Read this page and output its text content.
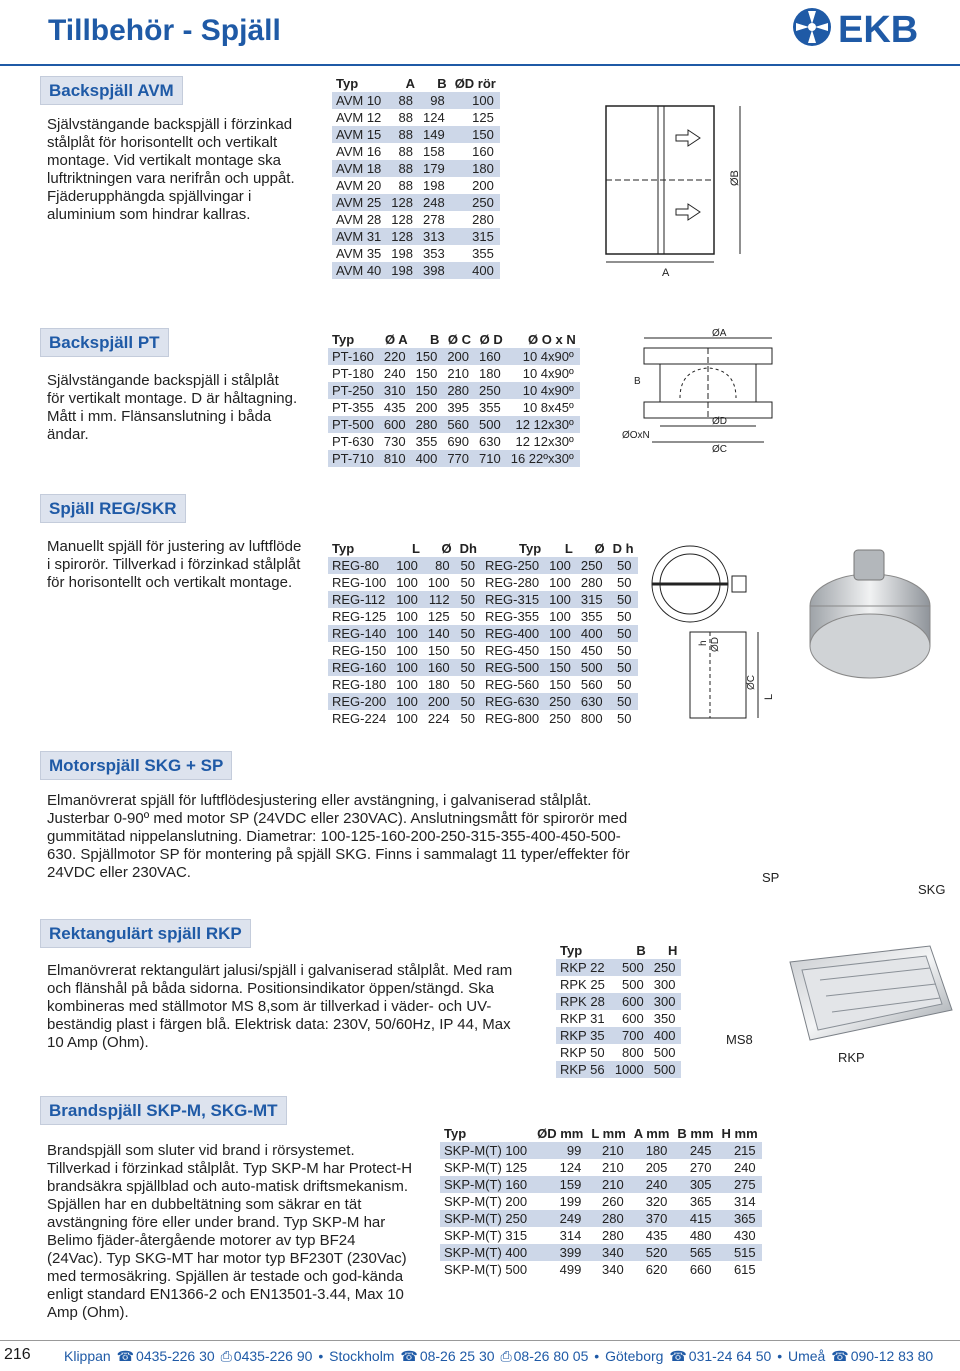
Tillbehör - Spjäll	EKB
Backspjäll AVM
Självstängande backspjäll i förzinkad stålplåt för horisontellt och vertikalt montage. Vid vertikalt montage ska luftriktningen vara nerifrån och uppåt. Fjäderupphängda spjällvingar i aluminium som hindrar kallras.
Typ	A	B	ØD rör
AVM 10	88	98	100
AVM 12	88	124	125
AVM 15	88	149	150
AVM 16	88	158	160
AVM 18	88	179	180
AVM 20	88	198	200
AVM 25	128	248	250
AVM 28	128	278	280
AVM 31	128	313	315
AVM 35	198	353	355
AVM 40	198	398	400
ØB
A
Backspjäll PT
Självstängande backspjäll i stålplåt för vertikalt montage. D är håltagning. Mått i mm. Flänsanslutning i båda ändar.
Typ	Ø A	B	Ø C	Ø D	Ø O x N
PT-160	220	150	200	160	10 4x90º
PT-180	240	150	210	180	10 4x90º
PT-250	310	150	280	250	10 4x90º
PT-355	435	200	395	355	10 8x45º
PT-500	600	280	560	500	12 12x30º
PT-630	730	355	690	630	12 12x30º
PT-710	810	400	770	710	16 22ºx30º
ØA
B
ØOxN
ØD
ØC
Spjäll REG/SKR
Manuellt spjäll för justering av luftflöde i spirorör. Tillverkad i förzinkad stålplåt för horisontellt och vertikalt montage.
Typ	L	Ø	Dh	Typ	L	Ø	D h
REG-80	100	80	50	REG-250	100	250	50
REG-100	100	100	50	REG-280	100	280	50
REG-112	100	112	50	REG-315	100	315	50
REG-125	100	125	50	REG-355	100	355	50
REG-140	100	140	50	REG-400	100	400	50
REG-150	100	150	50	REG-450	150	450	50
REG-160	100	160	50	REG-500	150	500	50
REG-180	100	180	50	REG-560	150	560	50
REG-200	100	200	50	REG-630	250	630	50
REG-224	100	224	50	REG-800	250	800	50
h ØD
ØC
L
Motorspjäll SKG + SP
Elmanövrerat spjäll för luftflödesjustering eller avstängning, i galvaniserad stålplåt. Justerbar 0-90º med motor SP (24VDC eller 230VAC). Anslutningsmått för spirorör med gummitätad nippelanslutning. Diametrar: 100-125-160-200-250-315-355-400-450-500-630. Spjällmotor SP för montering på spjäll SKG. Finns i sammalagt 11 typer/effekter för 24VDC eller 230VAC.	SP
SKG
Rektangulärt spjäll RKP
Elmanövrerat rektangulärt jalusi/spjäll i galvaniserad stålplåt. Med ram och flänshål på båda sidorna. Positionsindikator öppen/stängd. Ska kombineras med ställmotor MS 8,som är tillverkad i väder- och UV-beständig plast i färgen blå. Elektrisk data: 230V, 50/60Hz, IP 44, Max 10 Amp (Ohm).
Typ	B	H
RKP 22	500	250
RPK 25	500	300
RPK 28	600	300
RKP 31	600	350
RKP 35	700	400
RKP 50	800	500
RKP 56	1000	500
MS8
RKP
Brandspjäll SKP-M, SKG-MT
Brandspjäll som sluter vid brand i rörsystemet. Tillverkad i förzinkad stålplåt. Typ SKP-M har Protect-H brandsäkra spjällblad och auto-matisk driftsmekanism. Spjällen har en dubbeltätning som säkrar en tät avstängning före eller under brand. Typ SKP-M har Belimo fjäder-återgående motorer av typ BF24 (24Vac). Typ SKG-MT har motor typ BF230T (230Vac) med termosäkring. Spjällen är testade och god-kända enligt standard EN1366-2 och EN13501-3.44, Max 10 Amp (Ohm).
Typ	ØD mm	L mm	A mm	B mm	H mm
SKP-M(T) 100	99	210	180	245	215
SKP-M(T) 125	124	210	205	270	240
SKP-M(T) 160	159	210	240	305	275
SKP-M(T) 200	199	260	320	365	314
SKP-M(T) 250	249	280	370	415	365
SKP-M(T) 315	314	280	435	480	430
SKP-M(T) 400	399	340	520	565	515
SKP-M(T) 500	499	340	620	660	615
216 Klippan ☎ 0435-226 30 ⎙ 0435-226 90 • Stockholm ☎ 08-26 25 30 ⎙ 08-26 80 05 • Göteborg ☎ 031-24 64 50 • Umeå ☎ 090-12 83 80
